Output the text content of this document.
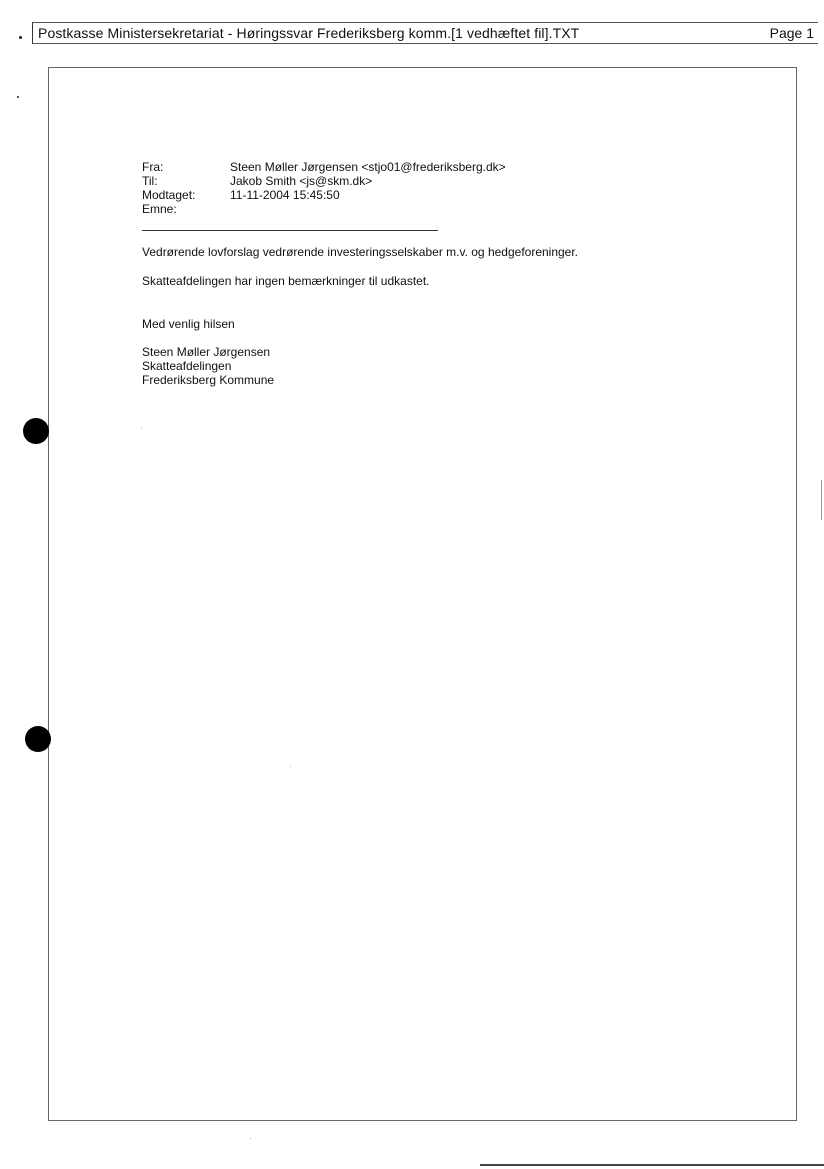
Postkasse Ministersekretariat - Høringssvar Frederiksberg komm.[1 vedhæftet fil].TXT	Page 1
Fra:	Steen Møller Jørgensen <stjo01@frederiksberg.dk>
Til:	Jakob Smith <js@skm.dk>
Modtaget:	11-11-2004 15:45:50
Emne:
Vedrørende lovforslag vedrørende investeringsselskaber m.v. og hedgeforeninger.
Skatteafdelingen har ingen bemærkninger til udkastet.
Med venlig hilsen
Steen Møller Jørgensen
Skatteafdelingen
Frederiksberg Kommune
